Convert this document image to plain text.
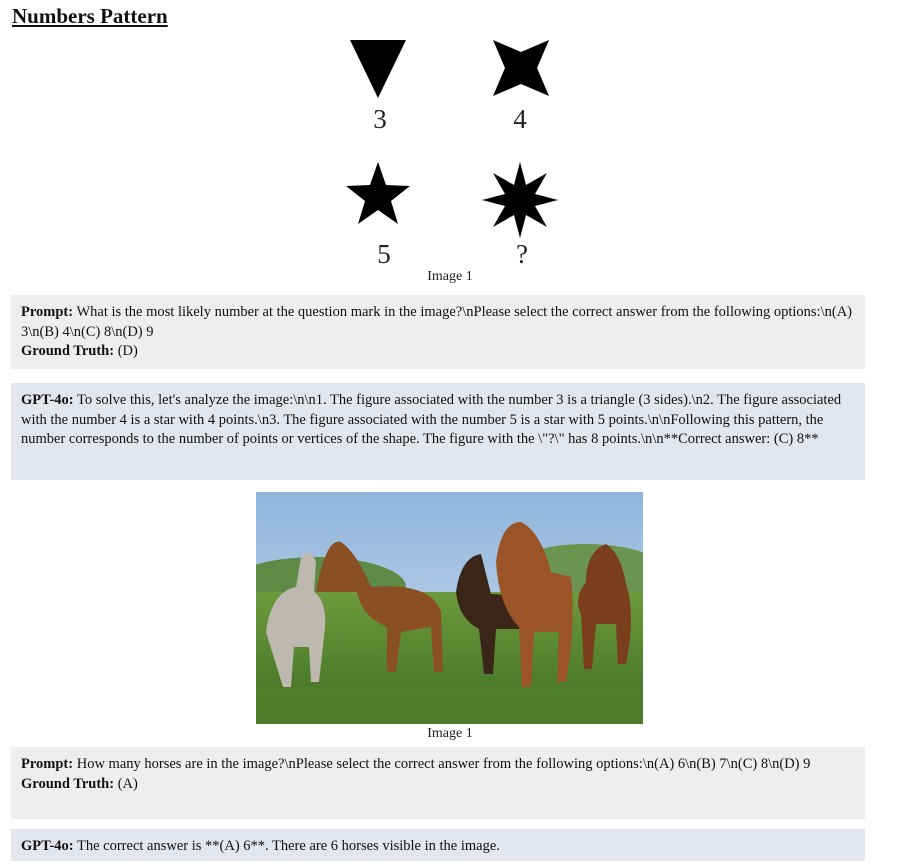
Numbers Pattern
3	4
5	?
Image 1
Prompt: What is the most likely number at the question mark in the image?\nPlease select the correct answer from the following options:\n(A) 3\n(B) 4\n(C) 8\n(D) 9
Ground Truth: (D)
GPT-4o: To solve this, let's analyze the image:\n\n1. The figure associated with the number 3 is a triangle (3 sides).\n2. The figure associated with the number 4 is a star with 4 points.\n3. The figure associated with the number 5 is a star with 5 points.\n\nFollowing this pattern, the number corresponds to the number of points or vertices of the shape. The figure with the \"?\" has 8 points.\n\n**Correct answer: (C) 8**
Image 1
Prompt: How many horses are in the image?\nPlease select the correct answer from the following options:\n(A) 6\n(B) 7\n(C) 8\n(D) 9
Ground Truth: (A)
GPT-4o: The correct answer is **(A) 6**. There are 6 horses visible in the image.
